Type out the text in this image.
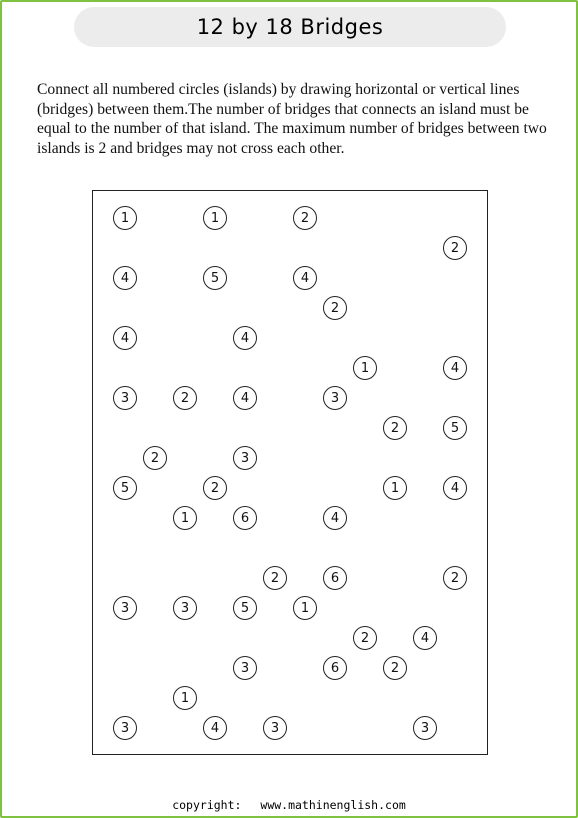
12 by 18 Bridges
Connect all numbered circles (islands) by drawing horizontal or vertical lines (bridges) between them.The number of bridges that connects an island must be equal to the number of that island. The maximum number of bridges between two islands is 2 and bridges may not cross each other.
1	1	2
2
4	5	4
2
4	4
1	4
3	2	4	3
2	5
2	3
5	2	1	4
1	6	4
2	6	2
3	3	5	1
2	4
3	6	2
1
3	4	3	3
copyright: www.mathinenglish.com
